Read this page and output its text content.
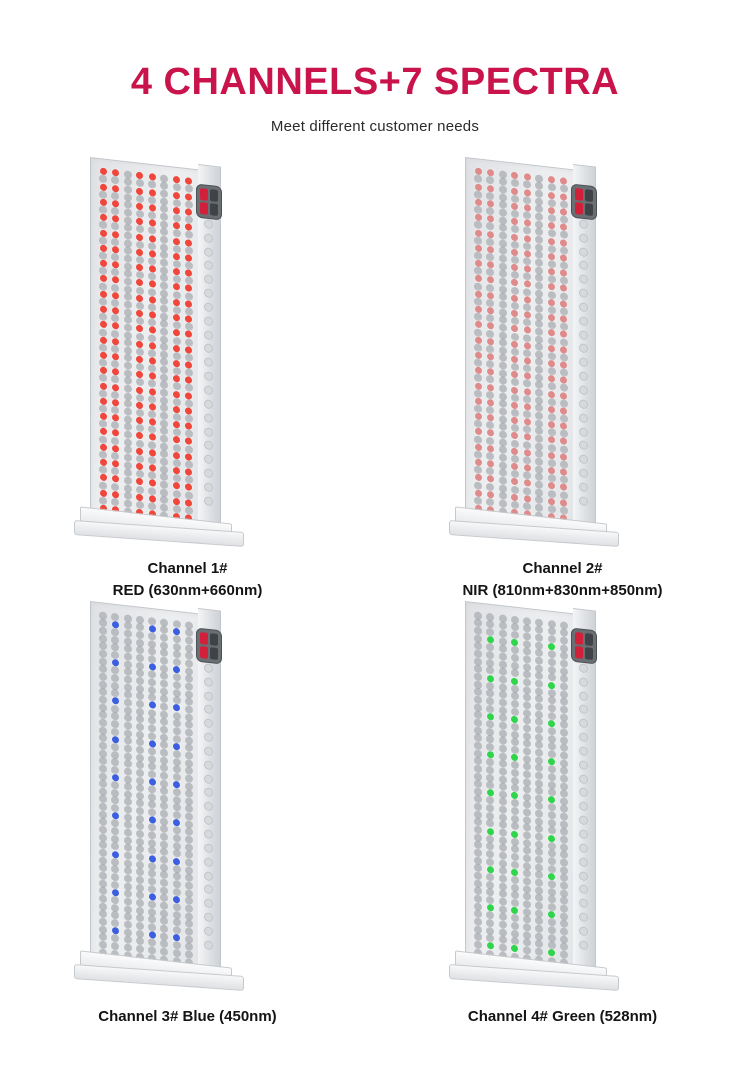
4 CHANNELS+7 SPECTRA
Meet different customer needs
Channel 1#
RED (630nm+660nm)
Channel 2#
NIR (810nm+830nm+850nm)
Channel 3# Blue (450nm)	Channel 4# Green (528nm)
